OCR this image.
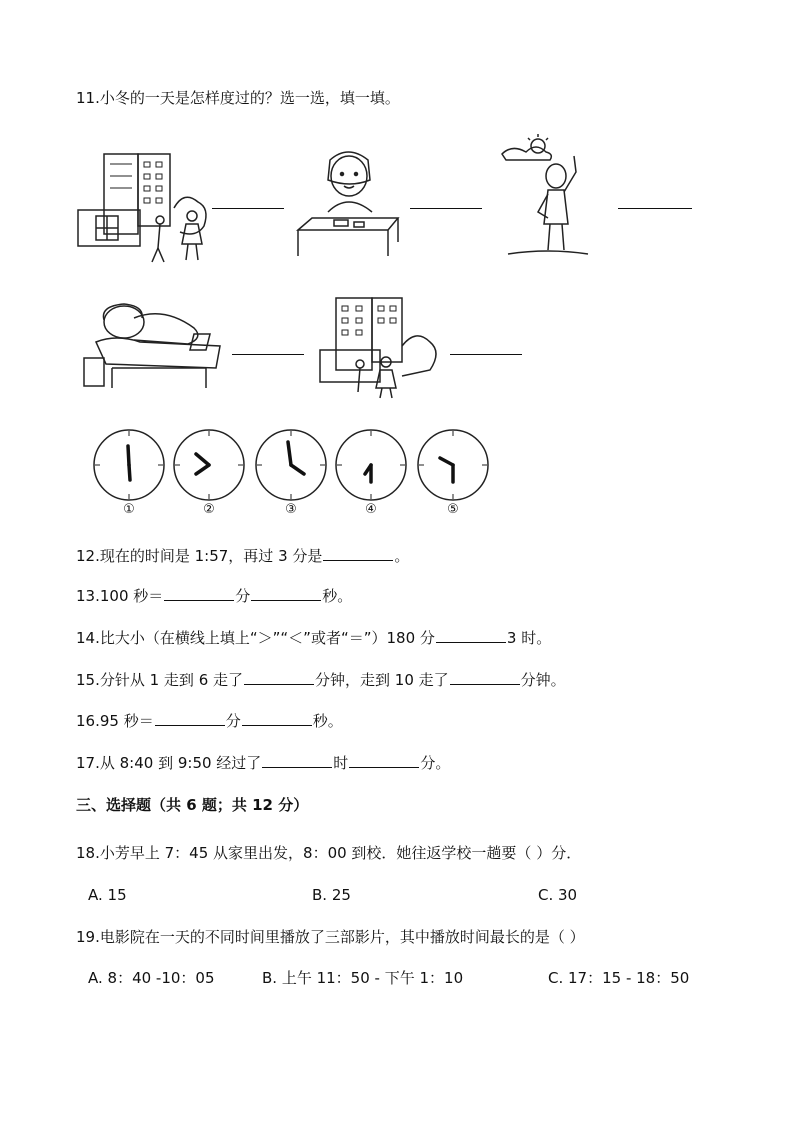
11.小冬的一天是怎样度过的？选一选，填一填。
①	②	③	④	⑤
12.现在的时间是 1:57，再过 3 分是	。
13.100 秒＝	分	秒。
14.比大小（在横线上填上“＞”“＜”或者“＝”）180 分	3 时。
15.分针从 1 走到 6 走了	分钟，走到 10 走了	分钟。
16.95 秒＝	分	秒。
17.从 8:40 到 9:50 经过了	时	分。
三、选择题（共 6 题；共 12 分）
18.小芳早上 7：45 从家里出发，8：00 到校．她往返学校一趟要（ ）分．
A. 15	B. 25	C. 30
19.电影院在一天的不同时间里播放了三部影片，其中播放时间最长的是（ ）
A. 8：40 -10：05	B. 上午 11：50 - 下午 1：10	C. 17：15 - 18：50
